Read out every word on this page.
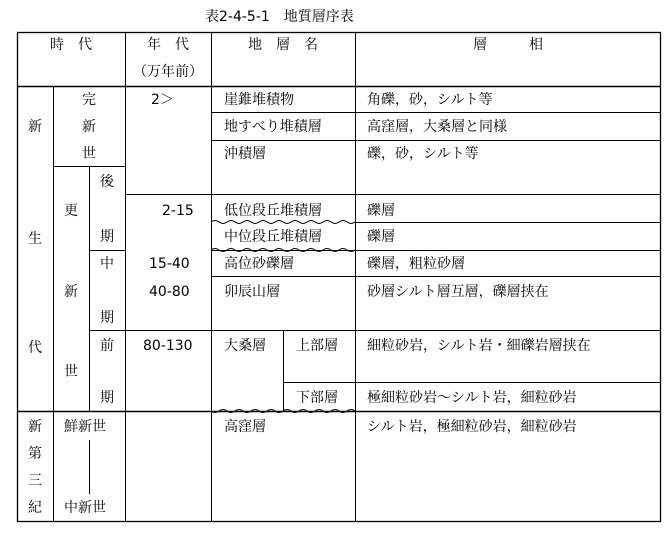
表2-4-5-1　地質層序表
時　代	年　代
（万年前）
地　層　名	層　　　相
新
生
代
完
新
世
更
新
世
後
期
中
期
前
期
新
第
三
紀
鮮新世
中新世
2＞
2-15
15-40
40-80
80-130
崖錐堆積物
地すべり堆積層
沖積層
低位段丘堆積層
中位段丘堆積層
高位砂礫層
卯辰山層
大桑層 上部層
下部層
高窪層
角礫，砂，シルト等
高窪層，大桑層と同様
礫，砂，シルト等
礫層
礫層
礫層，粗粒砂層
砂層シルト層互層，礫層挟在
細粒砂岩，シルト岩・細礫岩層挟在
極細粒砂岩～シルト岩，細粒砂岩
シルト岩，極細粒砂岩，細粒砂岩
